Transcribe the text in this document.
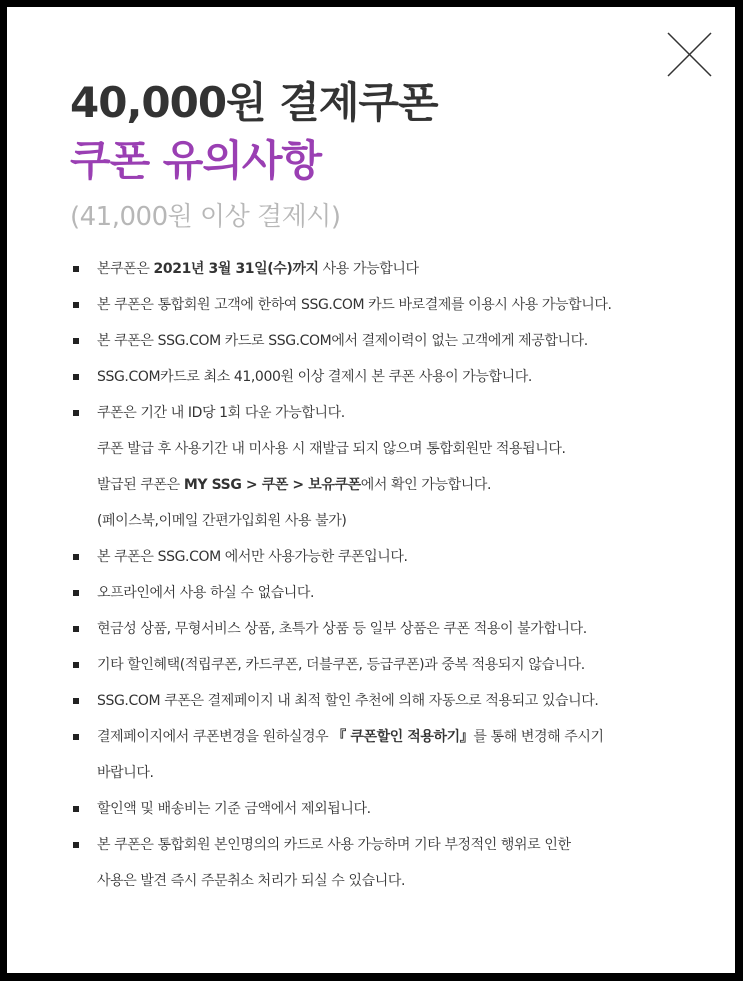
40,000원 결제쿠폰
쿠폰 유의사항

(41,000원 이상 결제시)

본쿠폰은 2021년 3월 31일(수)까지 사용 가능합니다
본 쿠폰은 통합회원 고객에 한하여 SSG.COM 카드 바로결제를 이용시 사용 가능합니다.
본 쿠폰은 SSG.COM 카드로 SSG.COM에서 결제이력이 없는 고객에게 제공합니다.
SSG.COM카드로 최소 41,000원 이상 결제시 본 쿠폰 사용이 가능합니다.
쿠폰은 기간 내 ID당 1회 다운 가능합니다.
쿠폰 발급 후 사용기간 내 미사용 시 재발급 되지 않으며 통합회원만 적용됩니다.
발급된 쿠폰은 MY SSG > 쿠폰 > 보유쿠폰에서 확인 가능합니다.
(페이스북,이메일 간편가입회원 사용 불가)
본 쿠폰은 SSG.COM 에서만 사용가능한 쿠폰입니다.
오프라인에서 사용 하실 수 없습니다.
현금성 상품, 무형서비스 상품, 초특가 상품 등 일부 상품은 쿠폰 적용이 불가합니다.
기타 할인혜택(적립쿠폰, 카드쿠폰, 더블쿠폰, 등급쿠폰)과 중복 적용되지 않습니다.
SSG.COM 쿠폰은 결제페이지 내 최적 할인 추천에 의해 자동으로 적용되고 있습니다.
결제페이지에서 쿠폰변경을 원하실경우 『 쿠폰할인 적용하기』를 통해 변경해 주시기
바랍니다.
할인액 및 배송비는 기준 금액에서 제외됩니다.
본 쿠폰은 통합회원 본인명의의 카드로 사용 가능하며 기타 부정적인 행위로 인한
사용은 발견 즉시 주문취소 처리가 되실 수 있습니다.
